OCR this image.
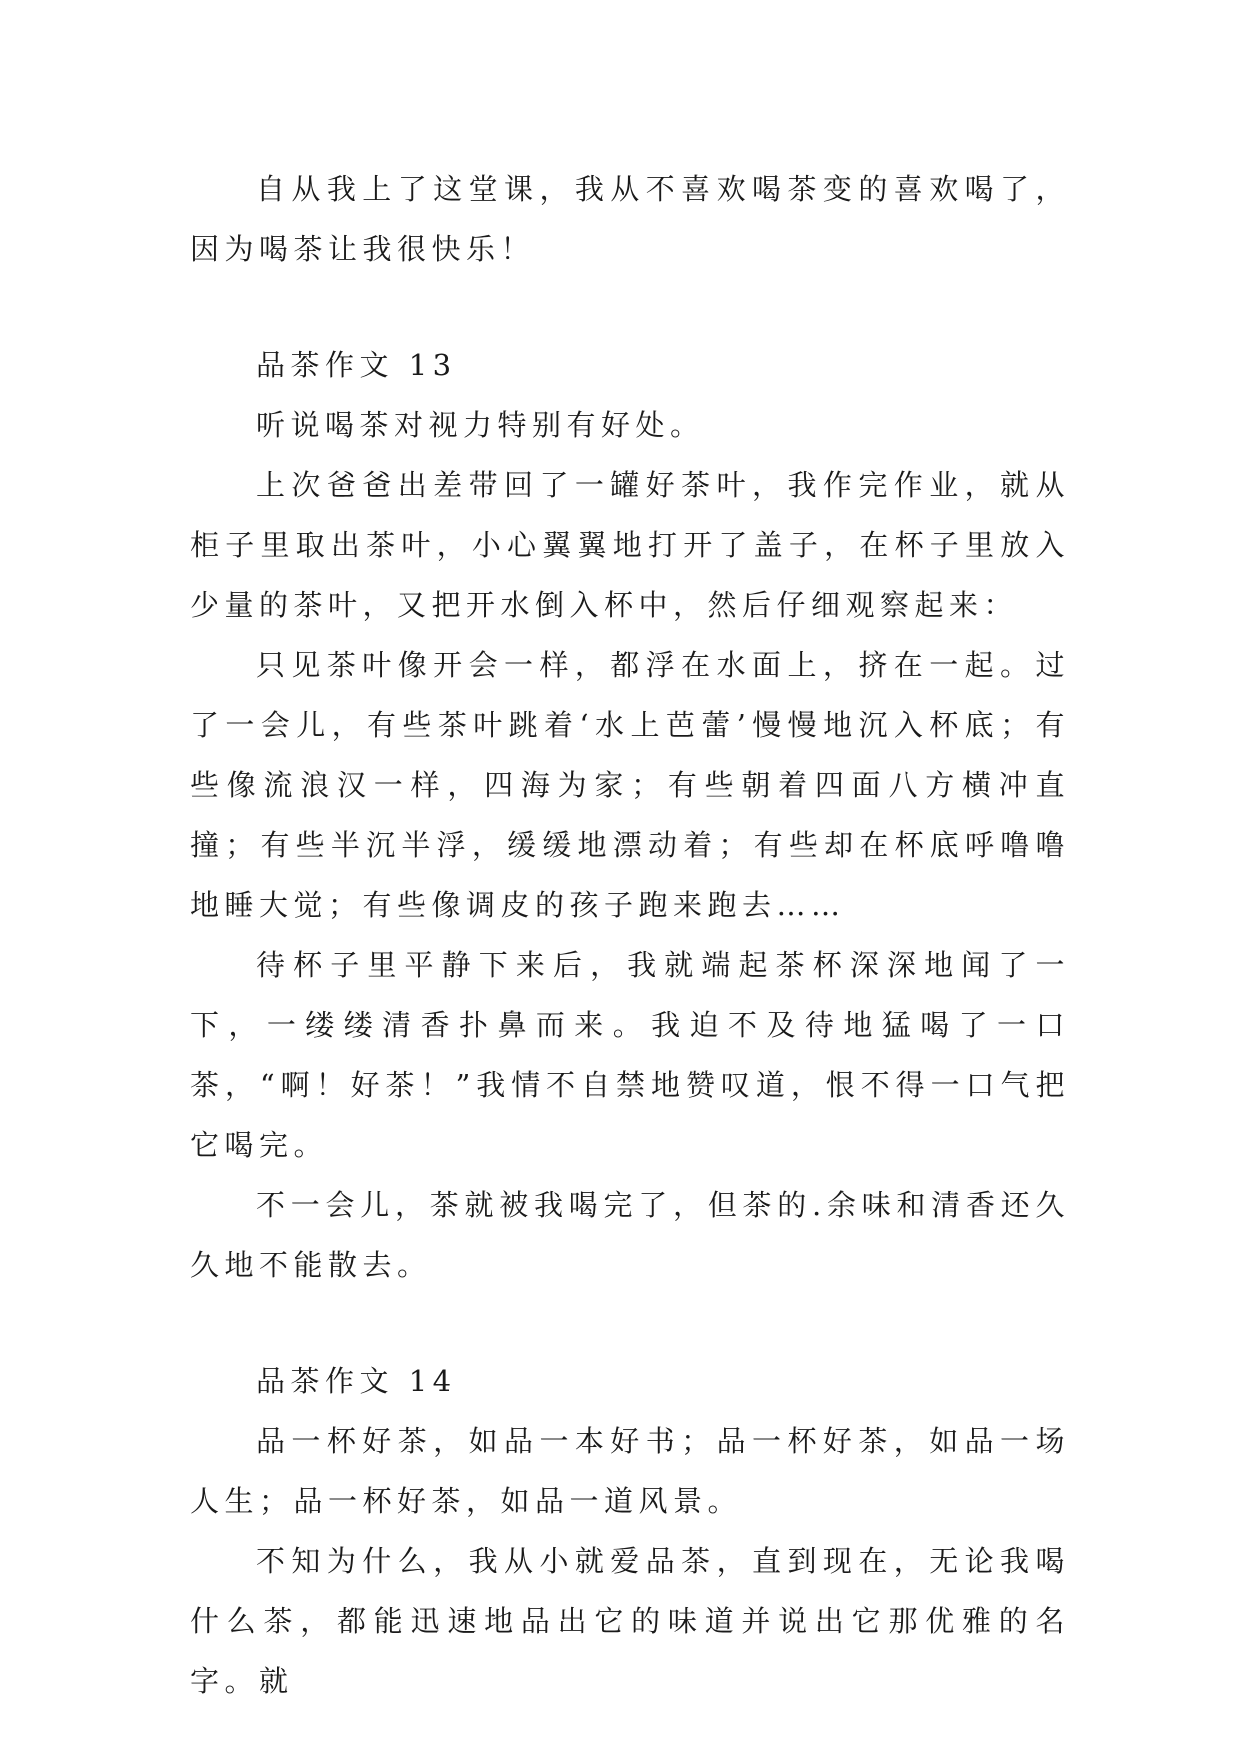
自从我上了这堂课，我从不喜欢喝茶变的喜欢喝了，因为喝茶让我很快乐！

品茶作文 13

听说喝茶对视力特别有好处。

上次爸爸出差带回了一罐好茶叶，我作完作业，就从柜子里取出茶叶，小心翼翼地打开了盖子，在杯子里放入少量的茶叶，又把开水倒入杯中，然后仔细观察起来：

只见茶叶像开会一样，都浮在水面上，挤在一起。过了一会儿，有些茶叶跳着‘水上芭蕾’慢慢地沉入杯底；有些像流浪汉一样，四海为家；有些朝着四面八方横冲直撞；有些半沉半浮，缓缓地漂动着；有些却在杯底呼噜噜地睡大觉；有些像调皮的孩子跑来跑去……

待杯子里平静下来后，我就端起茶杯深深地闻了一下，一缕缕清香扑鼻而来。我迫不及待地猛喝了一口茶，“啊！好茶！”我情不自禁地赞叹道，恨不得一口气把它喝完。

不一会儿，茶就被我喝完了，但茶的.余味和清香还久久地不能散去。

品茶作文 14

品一杯好茶，如品一本好书；品一杯好茶，如品一场人生；品一杯好茶，如品一道风景。

不知为什么，我从小就爱品茶，直到现在，无论我喝什么茶，都能迅速地品出它的味道并说出它那优雅的名字。就
